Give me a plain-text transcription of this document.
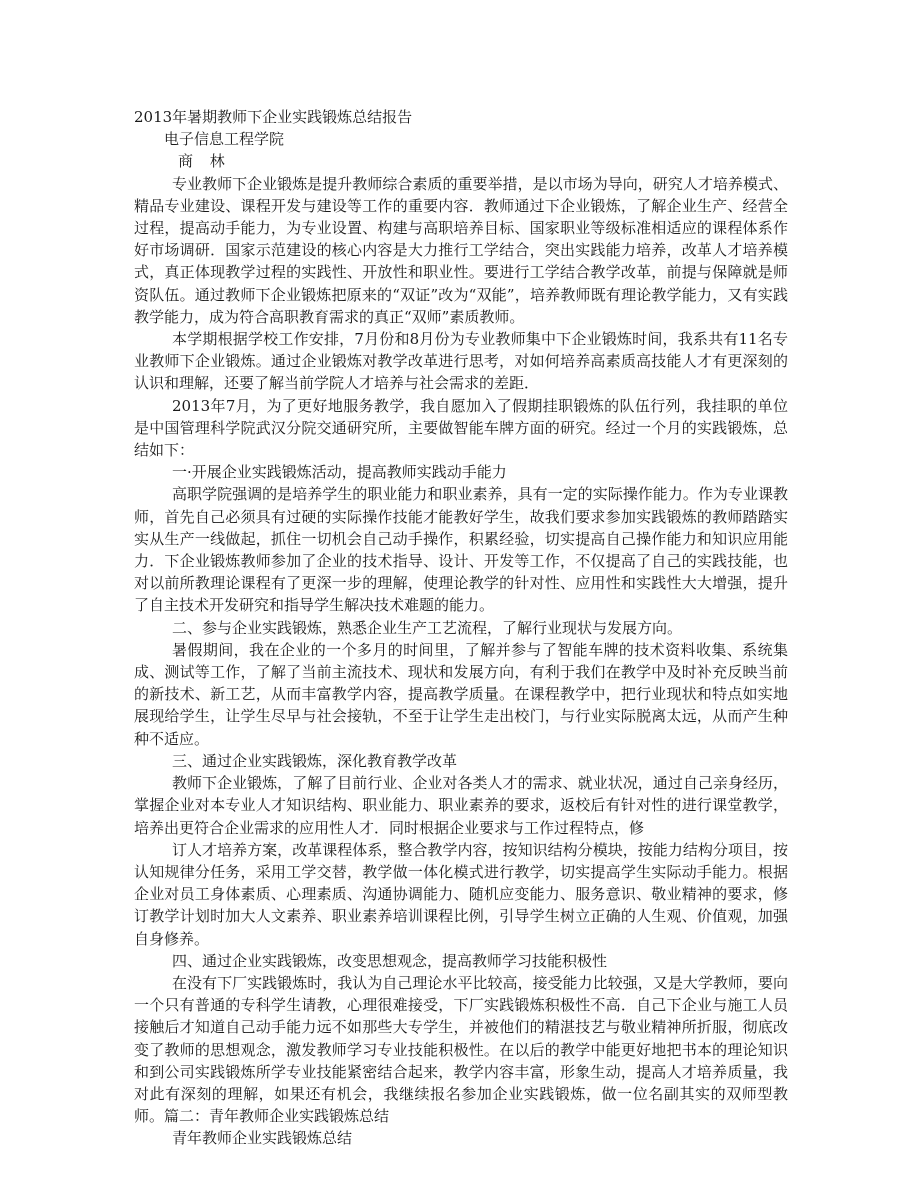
2013年暑期教师下企业实践锻炼总结报告

电子信息工程学院

商 林

专业教师下企业锻炼是提升教师综合素质的重要举措，是以市场为导向，研究人才培养模式、精品专业建设、课程开发与建设等工作的重要内容．教师通过下企业锻炼，了解企业生产、经营全过程，提高动手能力，为专业设置、构建与高职培养目标、国家职业等级标准相适应的课程体系作好市场调研．国家示范建设的核心内容是大力推行工学结合，突出实践能力培养，改革人才培养模式，真正体现教学过程的实践性、开放性和职业性。要进行工学结合教学改革，前提与保障就是师资队伍。通过教师下企业锻炼把原来的“双证”改为“双能”，培养教师既有理论教学能力，又有实践教学能力，成为符合高职教育需求的真正“双师”素质教师。

本学期根据学校工作安排，7月份和8月份为专业教师集中下企业锻炼时间，我系共有11名专业教师下企业锻炼。通过企业锻炼对教学改革进行思考，对如何培养高素质高技能人才有更深刻的认识和理解，还要了解当前学院人才培养与社会需求的差距．

2013年7月，为了更好地服务教学，我自愿加入了假期挂职锻炼的队伍行列，我挂职的单位是中国管理科学院武汉分院交通研究所，主要做智能车牌方面的研究。经过一个月的实践锻炼，总结如下：

一·开展企业实践锻炼活动，提高教师实践动手能力

高职学院强调的是培养学生的职业能力和职业素养，具有一定的实际操作能力。作为专业课教师，首先自己必须具有过硬的实际操作技能才能教好学生，故我们要求参加实践锻炼的教师踏踏实实从生产一线做起，抓住一切机会自己动手操作，积累经验，切实提高自己操作能力和知识应用能力．下企业锻炼教师参加了企业的技术指导、设计、开发等工作，不仅提高了自己的实践技能，也对以前所教理论课程有了更深一步的理解，使理论教学的针对性、应用性和实践性大大增强，提升了自主技术开发研究和指导学生解决技术难题的能力。

二、参与企业实践锻炼，熟悉企业生产工艺流程，了解行业现状与发展方向。

暑假期间，我在企业的一个多月的时间里，了解并参与了智能车牌的技术资料收集、系统集成、测试等工作，了解了当前主流技术、现状和发展方向，有利于我们在教学中及时补充反映当前的新技术、新工艺，从而丰富教学内容，提高教学质量。在课程教学中，把行业现状和特点如实地展现给学生，让学生尽早与社会接轨，不至于让学生走出校门，与行业实际脱离太远，从而产生种种不适应。

三、通过企业实践锻炼，深化教育教学改革

教师下企业锻炼，了解了目前行业、企业对各类人才的需求、就业状况，通过自己亲身经历，掌握企业对本专业人才知识结构、职业能力、职业素养的要求，返校后有针对性的进行课堂教学，培养出更符合企业需求的应用性人才．同时根据企业要求与工作过程特点，修

订人才培养方案，改革课程体系，整合教学内容，按知识结构分模块，按能力结构分项目，按认知规律分任务，采用工学交替，教学做一体化模式进行教学，切实提高学生实际动手能力。根据企业对员工身体素质、心理素质、沟通协调能力、随机应变能力、服务意识、敬业精神的要求，修订教学计划时加大人文素养、职业素养培训课程比例，引导学生树立正确的人生观、价值观，加强自身修养。

四、通过企业实践锻炼，改变思想观念，提高教师学习技能积极性

在没有下厂实践锻炼时，我认为自己理论水平比较高，接受能力比较强，又是大学教师，要向一个只有普通的专科学生请教，心理很难接受，下厂实践锻炼积极性不高．自己下企业与施工人员接触后才知道自己动手能力远不如那些大专学生，并被他们的精湛技艺与敬业精神所折服，彻底改变了教师的思想观念，激发教师学习专业技能积极性。在以后的教学中能更好地把书本的理论知识和到公司实践锻炼所学专业技能紧密结合起来，教学内容丰富，形象生动，提高人才培养质量，我对此有深刻的理解，如果还有机会，我继续报名参加企业实践锻炼，做一位名副其实的双师型教师。篇二：青年教师企业实践锻炼总结

青年教师企业实践锻炼总结
